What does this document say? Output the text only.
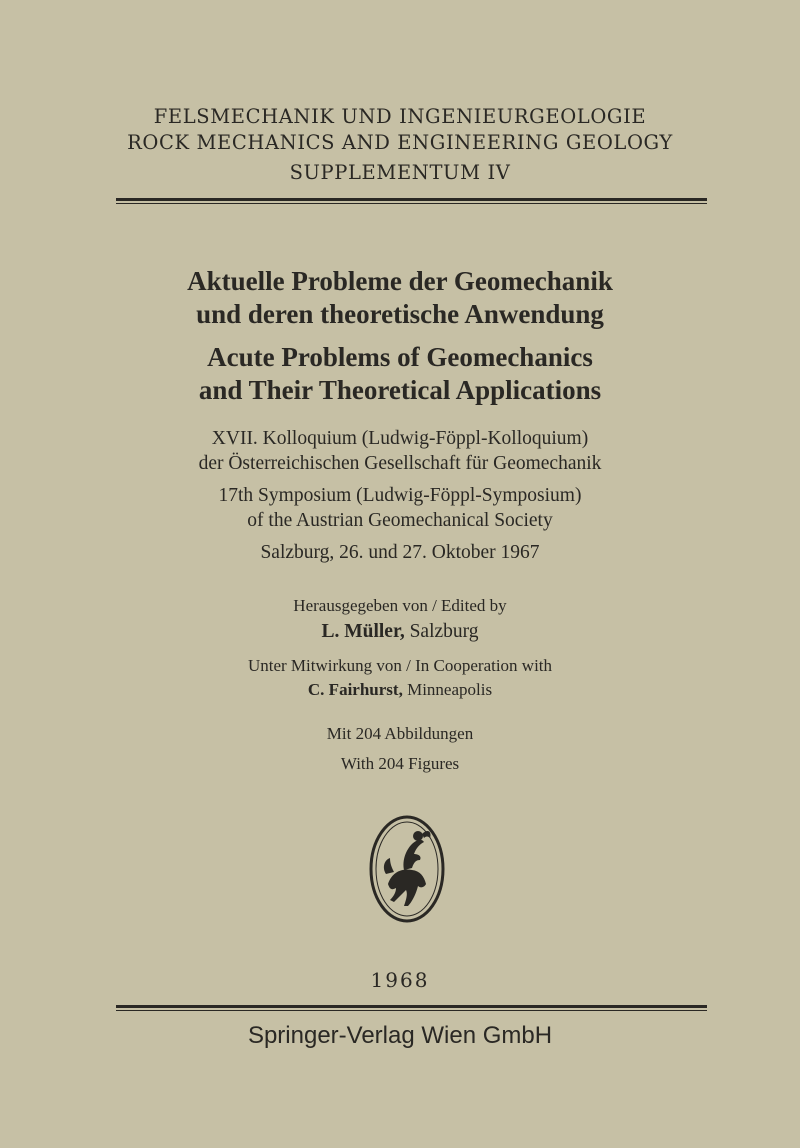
FELSMECHANIK UND INGENIEURGEOLOGIE
ROCK MECHANICS AND ENGINEERING GEOLOGY
SUPPLEMENTUM IV
Aktuelle Probleme der Geomechanik
und deren theoretische Anwendung
Acute Problems of Geomechanics
and Their Theoretical Applications
XVII. Kolloquium (Ludwig-Föppl-Kolloquium)
der Österreichischen Gesellschaft für Geomechanik
17th Symposium (Ludwig-Föppl-Symposium)
of the Austrian Geomechanical Society
Salzburg, 26. und 27. Oktober 1967
Herausgegeben von / Edited by
L. Müller, Salzburg
Unter Mitwirkung von / In Cooperation with
C. Fairhurst, Minneapolis
Mit 204 Abbildungen
With 204 Figures
1968
Springer-Verlag Wien GmbH
